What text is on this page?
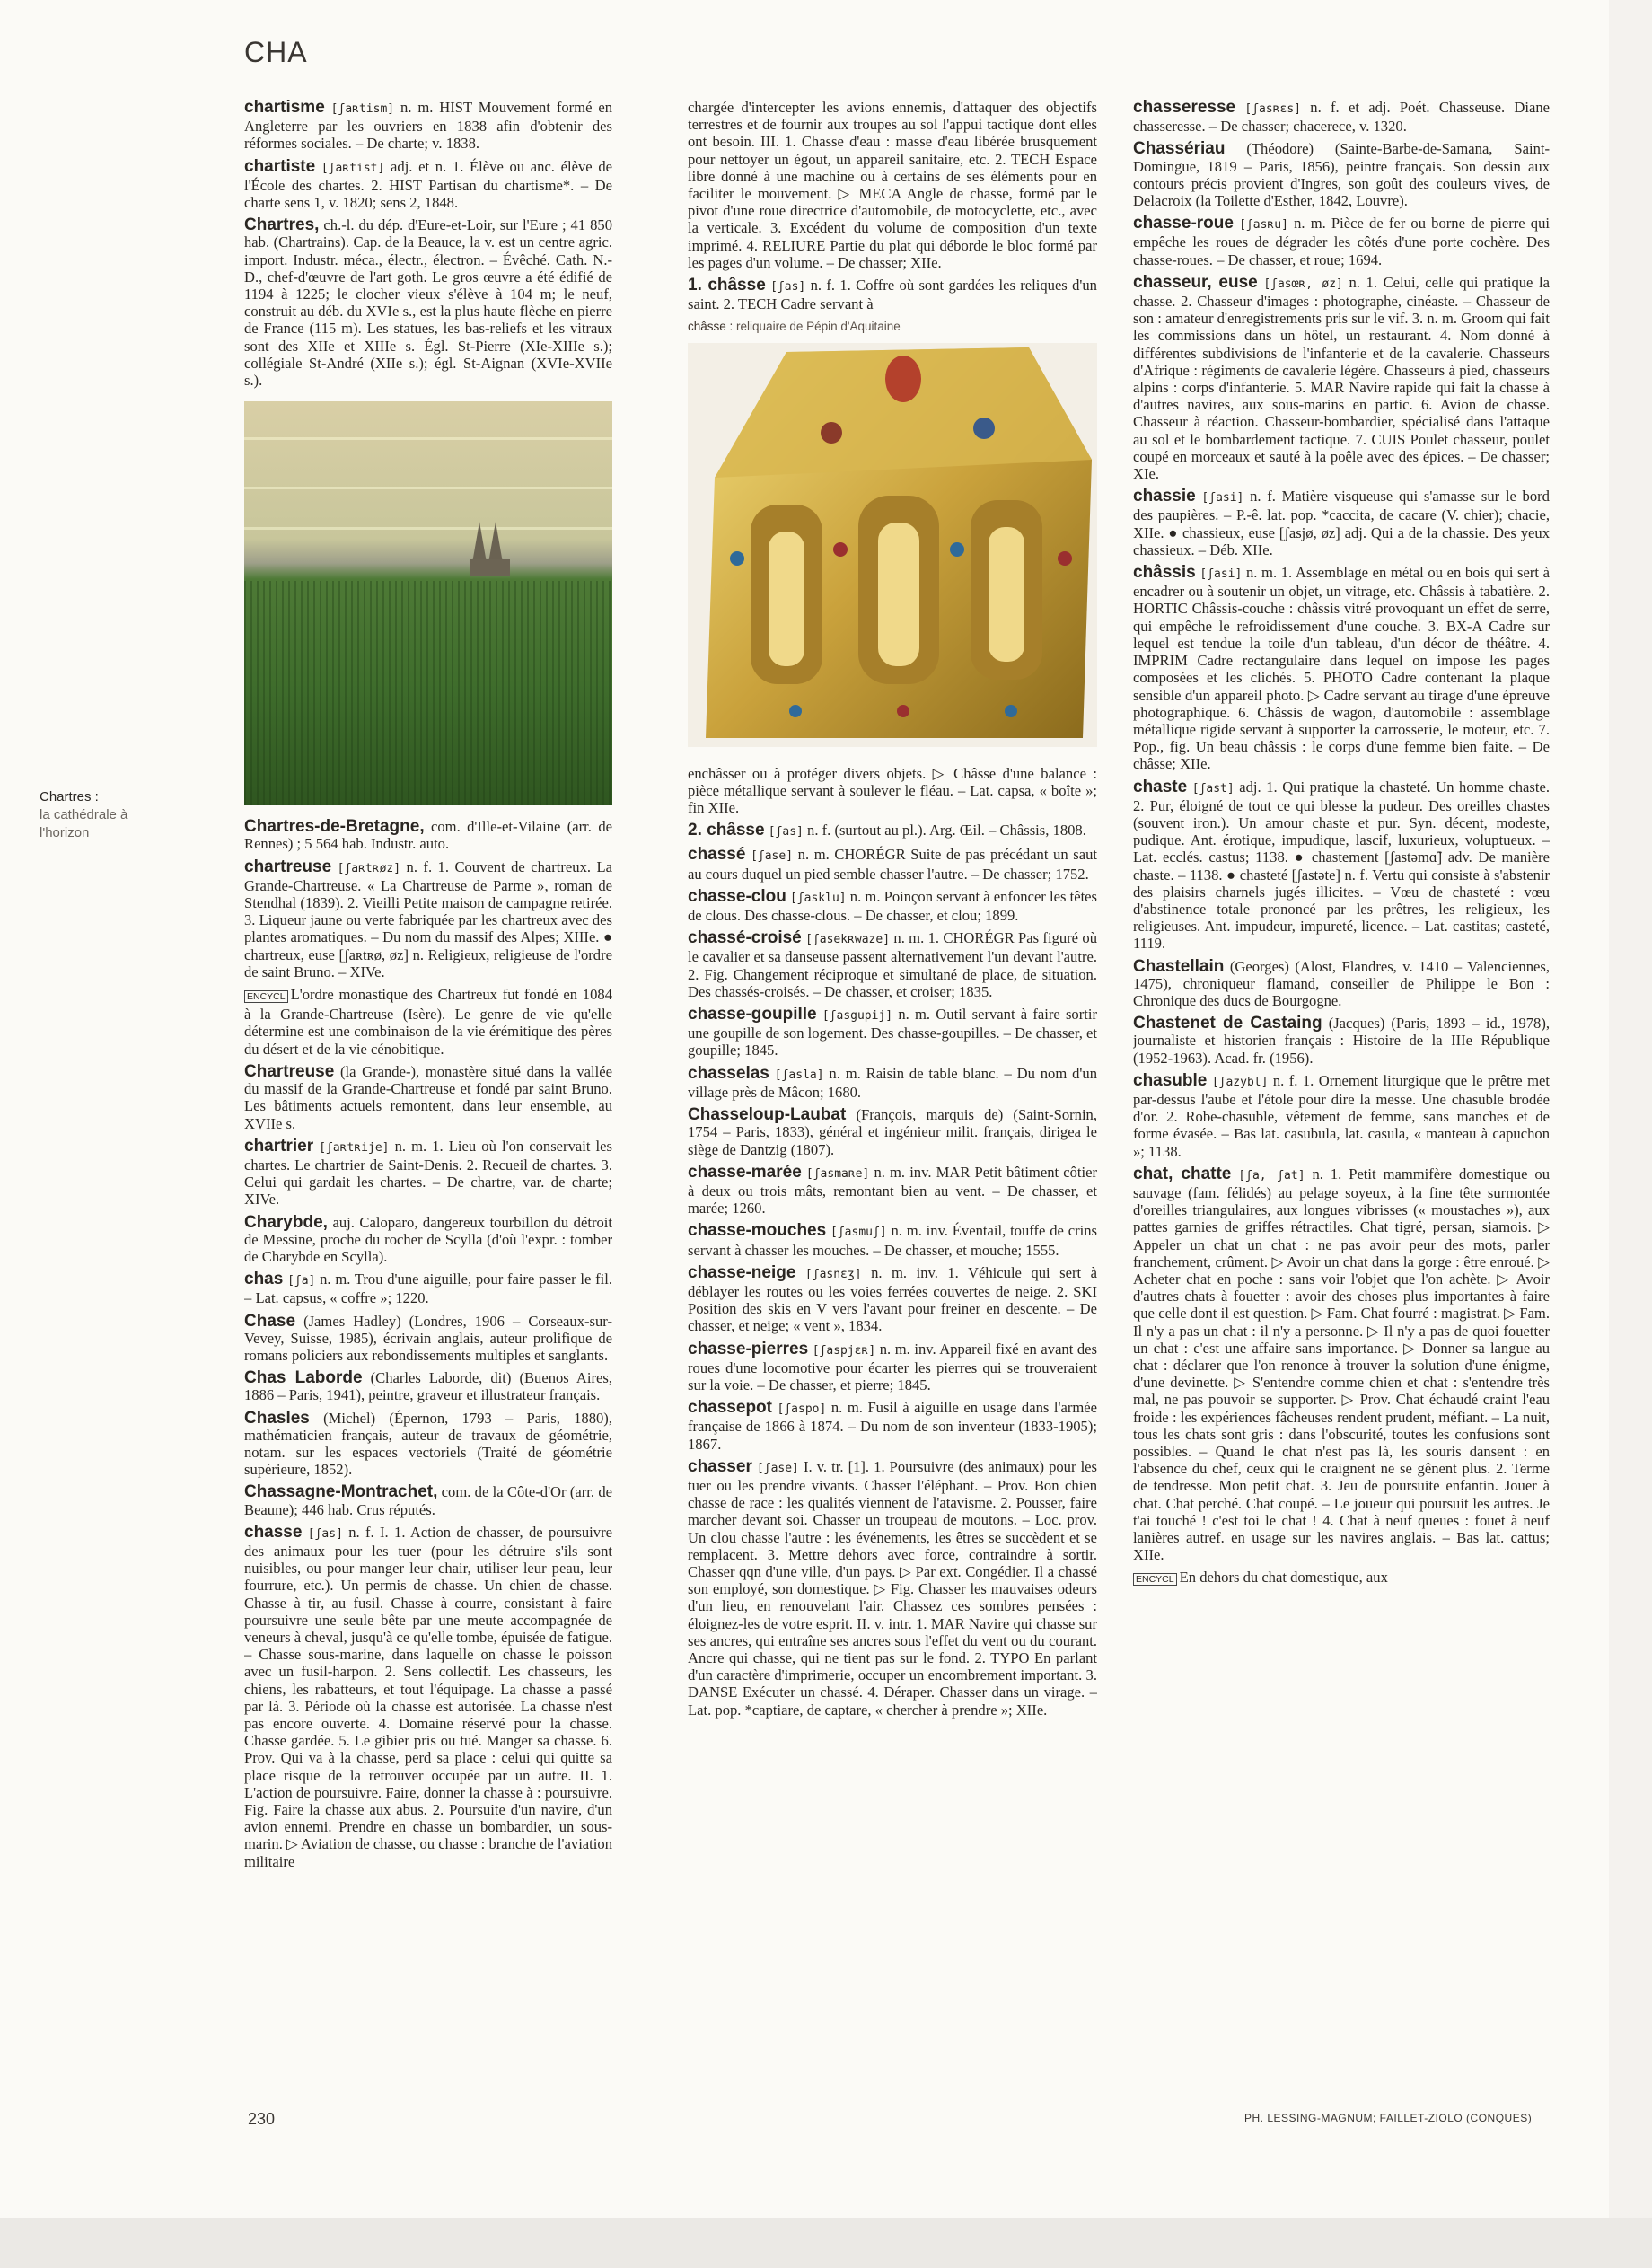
CHA
Chartres :
la cathédrale à l'horizon

chartisme [ʃaʀtism] n. m. HIST Mouvement formé en Angleterre par les ouvriers en 1838 afin d'obtenir des réformes sociales. – De charte; v. 1838.

chartiste [ʃaʀtist] adj. et n. 1. Élève ou anc. élève de l'École des chartes. 2. HIST Partisan du chartisme*. – De charte sens 1, v. 1820; sens 2, 1848.

Chartres, ch.-l. du dép. d'Eure-et-Loir, sur l'Eure ; 41 850 hab. (Chartrains). Cap. de la Beauce, la v. est un centre agric. import. Industr. méca., électr., électron. – Évêché. Cath. N.-D., chef-d'œuvre de l'art goth. Le gros œuvre a été édifié de 1194 à 1225; le clocher vieux s'élève à 104 m; le neuf, construit au déb. du XVIe s., est la plus haute flèche en pierre de France (115 m). Les statues, les bas-reliefs et les vitraux sont des XIIe et XIIIe s. Égl. St-Pierre (XIe-XIIIe s.); collégiale St-André (XIIe s.); égl. St-Aignan (XVIe-XVIIe s.).

Chartres-de-Bretagne, com. d'Ille-et-Vilaine (arr. de Rennes) ; 5 564 hab. Industr. auto.

chartreuse [ʃaʀtʀøz] n. f. 1. Couvent de chartreux. La Grande-Chartreuse. « La Chartreuse de Parme », roman de Stendhal (1839). 2. Vieilli Petite maison de campagne retirée. 3. Liqueur jaune ou verte fabriquée par les chartreux avec des plantes aromatiques. – Du nom du massif des Alpes; XIIIe. ● chartreux, euse [ʃaʀtʀø, øz] n. Religieux, religieuse de l'ordre de saint Bruno. – XIVe.

ENCYCL L'ordre monastique des Chartreux fut fondé en 1084 à la Grande-Chartreuse (Isère). Le genre de vie qu'elle détermine est une combinaison de la vie érémitique des pères du désert et de la vie cénobitique.

Chartreuse (la Grande-), monastère situé dans la vallée du massif de la Grande-Chartreuse et fondé par saint Bruno. Les bâtiments actuels remontent, dans leur ensemble, au XVIIe s.

chartrier [ʃaʀtʀije] n. m. 1. Lieu où l'on conservait les chartes. Le chartrier de Saint-Denis. 2. Recueil de chartes. 3. Celui qui gardait les chartes. – De chartre, var. de charte; XIVe.

Charybde, auj. Caloparo, dangereux tourbillon du détroit de Messine, proche du rocher de Scylla (d'où l'expr. : tomber de Charybde en Scylla).

chas [ʃa] n. m. Trou d'une aiguille, pour faire passer le fil. – Lat. capsus, « coffre »; 1220.

Chase (James Hadley) (Londres, 1906 – Corseaux-sur-Vevey, Suisse, 1985), écrivain anglais, auteur prolifique de romans policiers aux rebondissements multiples et sanglants.

Chas Laborde (Charles Laborde, dit) (Buenos Aires, 1886 – Paris, 1941), peintre, graveur et illustrateur français.

Chasles (Michel) (Épernon, 1793 – Paris, 1880), mathématicien français, auteur de travaux de géométrie, notam. sur les espaces vectoriels (Traité de géométrie supérieure, 1852).

Chassagne-Montrachet, com. de la Côte-d'Or (arr. de Beaune); 446 hab. Crus réputés.

chasse [ʃas] n. f. I. 1. Action de chasser, de poursuivre des animaux pour les tuer (pour les détruire s'ils sont nuisibles, ou pour manger leur chair, utiliser leur peau, leur fourrure, etc.). Un permis de chasse. Un chien de chasse. Chasse à tir, au fusil. Chasse à courre, consistant à faire poursuivre une seule bête par une meute accompagnée de veneurs à cheval, jusqu'à ce qu'elle tombe, épuisée de fatigue. – Chasse sous-marine, dans laquelle on chasse le poisson avec un fusil-harpon. 2. Sens collectif. Les chasseurs, les chiens, les rabatteurs, et tout l'équipage. La chasse a passé par là. 3. Période où la chasse est autorisée. La chasse n'est pas encore ouverte. 4. Domaine réservé pour la chasse. Chasse gardée. 5. Le gibier pris ou tué. Manger sa chasse. 6. Prov. Qui va à la chasse, perd sa place : celui qui quitte sa place risque de la retrouver occupée par un autre. II. 1. L'action de poursuivre. Faire, donner la chasse à : poursuivre. Fig. Faire la chasse aux abus. 2. Poursuite d'un navire, d'un avion ennemi. Prendre en chasse un bombardier, un sous-marin. ▷ Aviation de chasse, ou chasse : branche de l'aviation militaire

chargée d'intercepter les avions ennemis, d'attaquer des objectifs terrestres et de fournir aux troupes au sol l'appui tactique dont elles ont besoin. III. 1. Chasse d'eau : masse d'eau libérée brusquement pour nettoyer un égout, un appareil sanitaire, etc. 2. TECH Espace libre donné à une machine ou à certains de ses éléments pour en faciliter le mouvement. ▷ MECA Angle de chasse, formé par le pivot d'une roue directrice d'automobile, de motocyclette, etc., avec la verticale. 3. Excédent du volume de composition d'un texte imprimé. 4. RELIURE Partie du plat qui déborde le bloc formé par les pages d'un volume. – De chasser; XIIe.

1. châsse [ʃas] n. f. 1. Coffre où sont gardées les reliques d'un saint. 2. TECH Cadre servant à

châsse : reliquaire de Pépin d'Aquitaine

enchâsser ou à protéger divers objets. ▷ Châsse d'une balance : pièce métallique servant à soulever le fléau. – Lat. capsa, « boîte »; fin XIIe.

2. châsse [ʃas] n. f. (surtout au pl.). Arg. Œil. – Châssis, 1808.

chassé [ʃase] n. m. CHORÉGR Suite de pas précédant un saut au cours duquel un pied semble chasser l'autre. – De chasser; 1752.

chasse-clou [ʃasklu] n. m. Poinçon servant à enfoncer les têtes de clous. Des chasse-clous. – De chasser, et clou; 1899.

chassé-croisé [ʃasekʀwaze] n. m. 1. CHORÉGR Pas figuré où le cavalier et sa danseuse passent alternativement l'un devant l'autre. 2. Fig. Changement réciproque et simultané de place, de situation. Des chassés-croisés. – De chasser, et croiser; 1835.

chasse-goupille [ʃasgupij] n. m. Outil servant à faire sortir une goupille de son logement. Des chasse-goupilles. – De chasser, et goupille; 1845.

chasselas [ʃasla] n. m. Raisin de table blanc. – Du nom d'un village près de Mâcon; 1680.

Chasseloup-Laubat (François, marquis de) (Saint-Sornin, 1754 – Paris, 1833), général et ingénieur milit. français, dirigea le siège de Dantzig (1807).

chasse-marée [ʃasmaʀe] n. m. inv. MAR Petit bâtiment côtier à deux ou trois mâts, remontant bien au vent. – De chasser, et marée; 1260.

chasse-mouches [ʃasmuʃ] n. m. inv. Éventail, touffe de crins servant à chasser les mouches. – De chasser, et mouche; 1555.

chasse-neige [ʃasnɛʒ] n. m. inv. 1. Véhicule qui sert à déblayer les routes ou les voies ferrées couvertes de neige. 2. SKI Position des skis en V vers l'avant pour freiner en descente. – De chasser, et neige; « vent », 1834.

chasse-pierres [ʃaspjɛʀ] n. m. inv. Appareil fixé en avant des roues d'une locomotive pour écarter les pierres qui se trouveraient sur la voie. – De chasser, et pierre; 1845.

chassepot [ʃaspo] n. m. Fusil à aiguille en usage dans l'armée française de 1866 à 1874. – Du nom de son inventeur (1833-1905); 1867.

chasser [ʃase] I. v. tr. [1]. 1. Poursuivre (des animaux) pour les tuer ou les prendre vivants. Chasser l'éléphant. – Prov. Bon chien chasse de race : les qualités viennent de l'atavisme. 2. Pousser, faire marcher devant soi. Chasser un troupeau de moutons. – Loc. prov. Un clou chasse l'autre : les événements, les êtres se succèdent et se remplacent. 3. Mettre dehors avec force, contraindre à sortir. Chasser qqn d'une ville, d'un pays. ▷ Par ext. Congédier. Il a chassé son employé, son domestique. ▷ Fig. Chasser les mauvaises odeurs d'un lieu, en renouvelant l'air. Chassez ces sombres pensées : éloignez-les de votre esprit. II. v. intr. 1. MAR Navire qui chasse sur ses ancres, qui entraîne ses ancres sous l'effet du vent ou du courant. Ancre qui chasse, qui ne tient pas sur le fond. 2. TYPO En parlant d'un caractère d'imprimerie, occuper un encombrement important. 3. DANSE Exécuter un chassé. 4. Déraper. Chasser dans un virage. – Lat. pop. *captiare, de captare, « chercher à prendre »; XIIe.

chasseresse [ʃasʀɛs] n. f. et adj. Poét. Chasseuse. Diane chasseresse. – De chasser; chacerece, v. 1320.

Chassériau (Théodore) (Sainte-Barbe-de-Samana, Saint-Domingue, 1819 – Paris, 1856), peintre français. Son dessin aux contours précis provient d'Ingres, son goût des couleurs vives, de Delacroix (la Toilette d'Esther, 1842, Louvre).

chasse-roue [ʃasʀu] n. m. Pièce de fer ou borne de pierre qui empêche les roues de dégrader les côtés d'une porte cochère. Des chasse-roues. – De chasser, et roue; 1694.

chasseur, euse [ʃasœʀ, øz] n. 1. Celui, celle qui pratique la chasse. 2. Chasseur d'images : photographe, cinéaste. – Chasseur de son : amateur d'enregistrements pris sur le vif. 3. n. m. Groom qui fait les commissions dans un hôtel, un restaurant. 4. Nom donné à différentes subdivisions de l'infanterie et de la cavalerie. Chasseurs d'Afrique : régiments de cavalerie légère. Chasseurs à pied, chasseurs alpins : corps d'infanterie. 5. MAR Navire rapide qui fait la chasse à d'autres navires, aux sous-marins en partic. 6. Avion de chasse. Chasseur à réaction. Chasseur-bombardier, spécialisé dans l'attaque au sol et le bombardement tactique. 7. CUIS Poulet chasseur, poulet coupé en morceaux et sauté à la poêle avec des épices. – De chasser; XIe.

chassie [ʃasi] n. f. Matière visqueuse qui s'amasse sur le bord des paupières. – P.-ê. lat. pop. *caccita, de cacare (V. chier); chacie, XIIe. ● chassieux, euse [ʃasjø, øz] adj. Qui a de la chassie. Des yeux chassieux. – Déb. XIIe.

châssis [ʃasi] n. m. 1. Assemblage en métal ou en bois qui sert à encadrer ou à soutenir un objet, un vitrage, etc. Châssis à tabatière. 2. HORTIC Châssis-couche : châssis vitré provoquant un effet de serre, qui empêche le refroidissement d'une couche. 3. BX-A Cadre sur lequel est tendue la toile d'un tableau, d'un décor de théâtre. 4. IMPRIM Cadre rectangulaire dans lequel on impose les pages composées et les clichés. 5. PHOTO Cadre contenant la plaque sensible d'un appareil photo. ▷ Cadre servant au tirage d'une épreuve photographique. 6. Châssis de wagon, d'automobile : assemblage métallique rigide servant à supporter la carrosserie, le moteur, etc. 7. Pop., fig. Un beau châssis : le corps d'une femme bien faite. – De châsse; XIIe.

chaste [ʃast] adj. 1. Qui pratique la chasteté. Un homme chaste. 2. Pur, éloigné de tout ce qui blesse la pudeur. Des oreilles chastes (souvent iron.). Un amour chaste et pur. Syn. décent, modeste, pudique. Ant. érotique, impudique, lascif, luxurieux, voluptueux. – Lat. ecclés. castus; 1138. ● chastement [ʃastəmɑ̃] adv. De manière chaste. – 1138. ● chasteté [ʃastəte] n. f. Vertu qui consiste à s'abstenir des plaisirs charnels jugés illicites. – Vœu de chasteté : vœu d'abstinence totale prononcé par les prêtres, les religieux, les religieuses. Ant. impudeur, impureté, licence. – Lat. castitas; casteté, 1119.

Chastellain (Georges) (Alost, Flandres, v. 1410 – Valenciennes, 1475), chroniqueur flamand, conseiller de Philippe le Bon : Chronique des ducs de Bourgogne.

Chastenet de Castaing (Jacques) (Paris, 1893 – id., 1978), journaliste et historien français : Histoire de la IIIe République (1952-1963). Acad. fr. (1956).

chasuble [ʃazybl] n. f. 1. Ornement liturgique que le prêtre met par-dessus l'aube et l'étole pour dire la messe. Une chasuble brodée d'or. 2. Robe-chasuble, vêtement de femme, sans manches et de forme évasée. – Bas lat. casubula, lat. casula, « manteau à capuchon »; 1138.

chat, chatte [ʃa, ʃat] n. 1. Petit mammifère domestique ou sauvage (fam. félidés) au pelage soyeux, à la fine tête surmontée d'oreilles triangulaires, aux longues vibrisses (« moustaches »), aux pattes garnies de griffes rétractiles. Chat tigré, persan, siamois. ▷ Appeler un chat un chat : ne pas avoir peur des mots, parler franchement, crûment. ▷ Avoir un chat dans la gorge : être enroué. ▷ Acheter chat en poche : sans voir l'objet que l'on achète. ▷ Avoir d'autres chats à fouetter : avoir des choses plus importantes à faire que celle dont il est question. ▷ Fam. Chat fourré : magistrat. ▷ Fam. Il n'y a pas un chat : il n'y a personne. ▷ Il n'y a pas de quoi fouetter un chat : c'est une affaire sans importance. ▷ Donner sa langue au chat : déclarer que l'on renonce à trouver la solution d'une énigme, d'une devinette. ▷ S'entendre comme chien et chat : s'entendre très mal, ne pas pouvoir se supporter. ▷ Prov. Chat échaudé craint l'eau froide : les expériences fâcheuses rendent prudent, méfiant. – La nuit, tous les chats sont gris : dans l'obscurité, toutes les confusions sont possibles. – Quand le chat n'est pas là, les souris dansent : en l'absence du chef, ceux qui le craignent ne se gênent plus. 2. Terme de tendresse. Mon petit chat. 3. Jeu de poursuite enfantin. Jouer à chat. Chat perché. Chat coupé. – Le joueur qui poursuit les autres. Je t'ai touché ! c'est toi le chat ! 4. Chat à neuf queues : fouet à neuf lanières autref. en usage sur les navires anglais. – Bas lat. cattus; XIIe.

ENCYCL En dehors du chat domestique, aux

230	PH. LESSING-MAGNUM; FAILLET-ZIOLO (CONQUES)
